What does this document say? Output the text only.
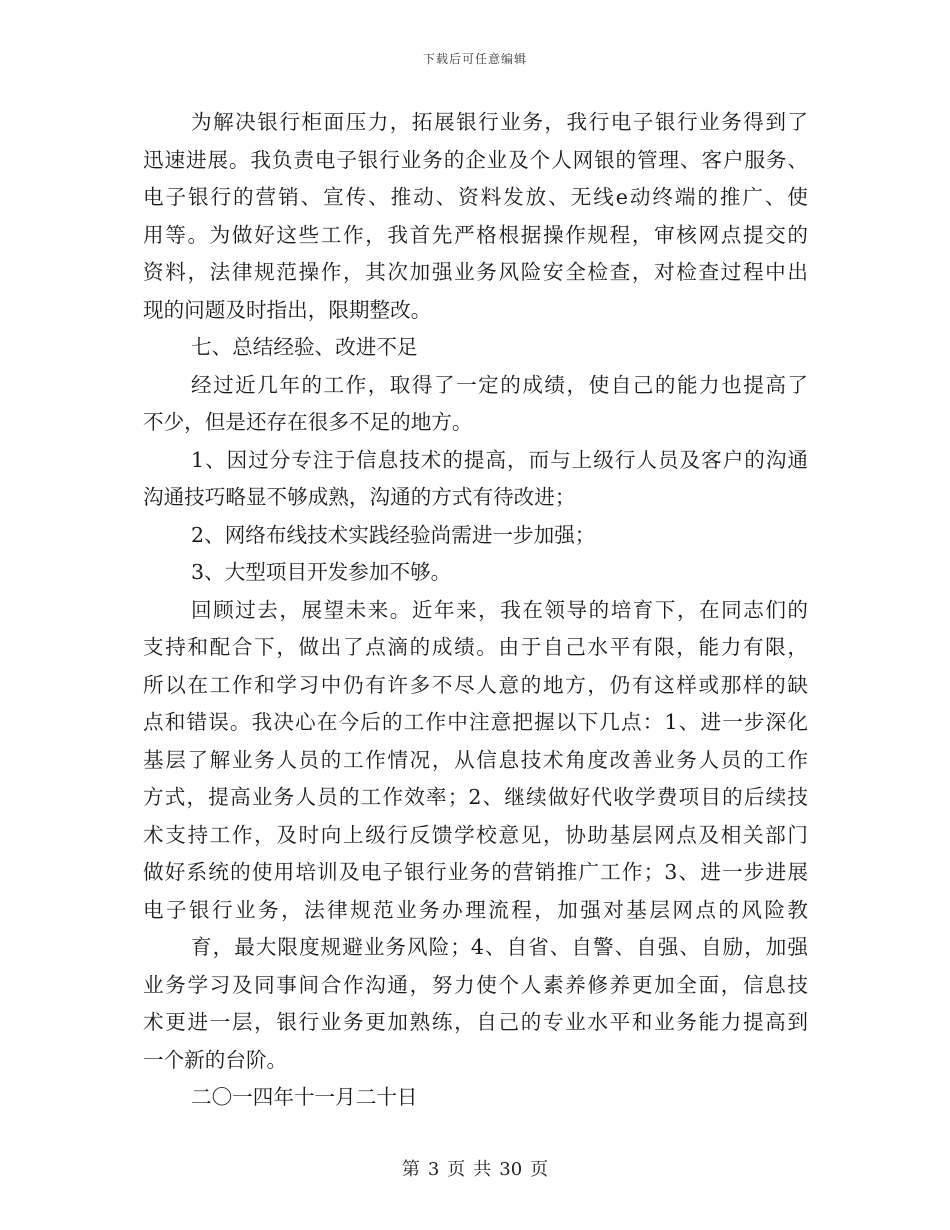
下载后可任意编辑
为解决银行柜面压力，拓展银行业务，我行电子银行业务得到了
迅速进展。我负责电子银行业务的企业及个人网银的管理、客户服务、
电子银行的营销、宣传、推动、资料发放、无线e动终端的推广、使
用等。为做好这些工作，我首先严格根据操作规程，审核网点提交的
资料，法律规范操作，其次加强业务风险安全检查，对检查过程中出
现的问题及时指出，限期整改。
七、总结经验、改进不足
经过近几年的工作，取得了一定的成绩，使自己的能力也提高了
不少，但是还存在很多不足的地方。
1、因过分专注于信息技术的提高，而与上级行人员及客户的沟通
沟通技巧略显不够成熟，沟通的方式有待改进；
2、网络布线技术实践经验尚需进一步加强；
3、大型项目开发参加不够。
回顾过去，展望未来。近年来，我在领导的培育下，在同志们的
支持和配合下，做出了点滴的成绩。由于自己水平有限，能力有限，
所以在工作和学习中仍有许多不尽人意的地方，仍有这样或那样的缺
点和错误。我决心在今后的工作中注意把握以下几点：1、进一步深化
基层了解业务人员的工作情况，从信息技术角度改善业务人员的工作
方式，提高业务人员的工作效率；2、继续做好代收学费项目的后续技
术支持工作，及时向上级行反馈学校意见，协助基层网点及相关部门
做好系统的使用培训及电子银行业务的营销推广工作；3、进一步进展
电子银行业务，法律规范业务办理流程，加强对基层网点的风险教
育，最大限度规避业务风险；4、自省、自警、自强、自励，加强
业务学习及同事间合作沟通，努力使个人素养修养更加全面，信息技
术更进一层，银行业务更加熟练，自己的专业水平和业务能力提高到
一个新的台阶。
二〇一四年十一月二十日
第 3 页 共 30 页
